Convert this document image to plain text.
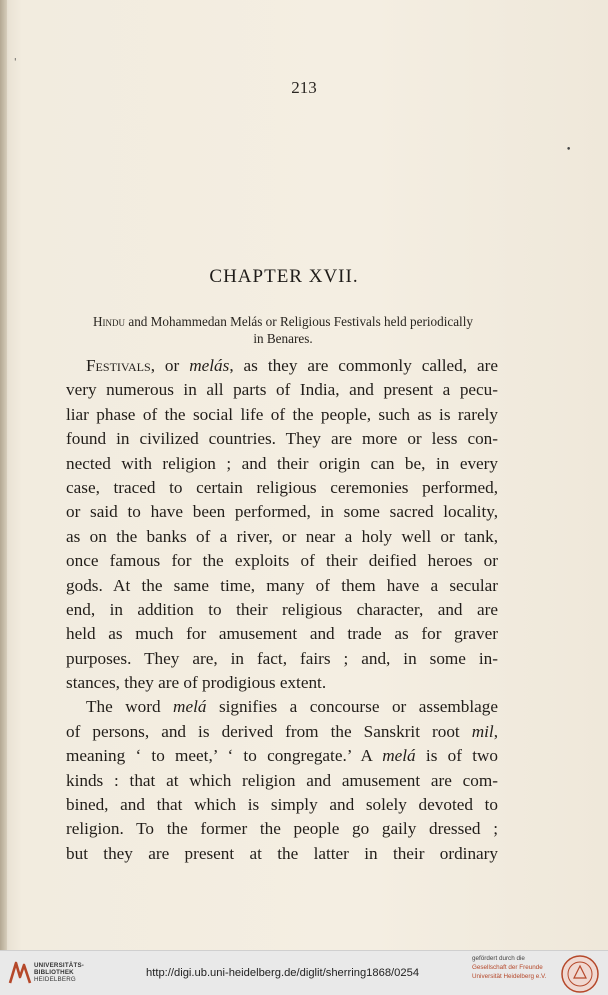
213
•
'
CHAPTER XVII.
Hindu and Mohammedan Melás or Religious Festivals held periodically
in Benares.
Festivals, or melás, as they are commonly called, are
very numerous in all parts of India, and present a pecu-
liar phase of the social life of the people, such as is rarely
found in civilized countries. They are more or less con-
nected with religion ; and their origin can be, in every
case, traced to certain religious ceremonies performed,
or said to have been performed, in some sacred locality,
as on the banks of a river, or near a holy well or tank,
once famous for the exploits of their deified heroes or
gods. At the same time, many of them have a secular
end, in addition to their religious character, and are
held as much for amusement and trade as for graver
purposes. They are, in fact, fairs ; and, in some in-
stances, they are of prodigious extent.
The word melá signifies a concourse or assemblage
of persons, and is derived from the Sanskrit root mil,
meaning ‘ to meet,’ ‘ to congregate.’ A melá is of two
kinds : that at which religion and amusement are com-
bined, and that which is simply and solely devoted to
religion. To the former the people go gaily dressed ;
but they are present at the latter in their ordinary
UNIVERSITÄTS-
BIBLIOTHEK
HEIDELBERG
http://digi.ub.uni-heidelberg.de/diglit/sherring1868/0254
gefördert durch die
Gesellschaft der Freunde
Universität Heidelberg e.V.
